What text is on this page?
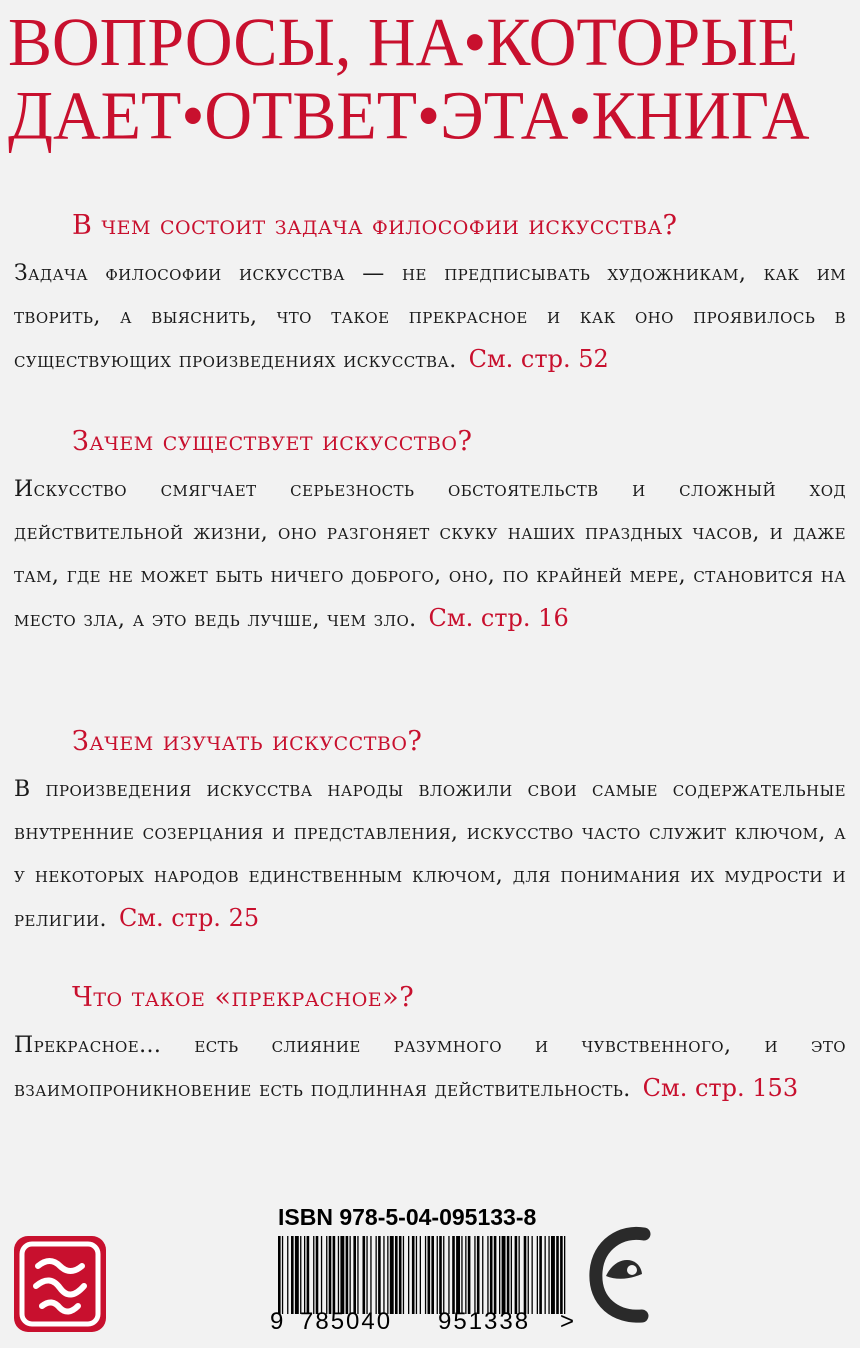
ВОПРОСЫ, НА•КОТОРЫЕ
ДАЕТ•ОТВЕТ•ЭТА•КНИГА

В чем состоит задача философии искусства?

Задача философии искусства — не предписывать художникам, как им творить, а выяснить, что такое прекрасное и как оно проявилось в существующих произведениях искусства. См. стр. 52

Зачем существует искусство?

Искусство смягчает серьезность обстоятельств и сложный ход действительной жизни, оно разгоняет скуку наших праздных часов, и даже там, где не может быть ничего доброго, оно, по крайней мере, становится на место зла, а это ведь лучше, чем зло. См. стр. 16

Зачем изучать искусство?

В произведения искусства народы вложили свои самые содержательные внутренние созерцания и представления, искусство часто служит ключом, а у некоторых народов единственным ключом, для понимания их мудрости и религии. См. стр. 25

Что такое «прекрасное»?

Прекрасное... есть слияние разумного и чувственного, и это взаимопроникновение есть подлинная действительность. См. стр. 153

ISBN 978-5-04-095133-8
9 785040 951338 >
